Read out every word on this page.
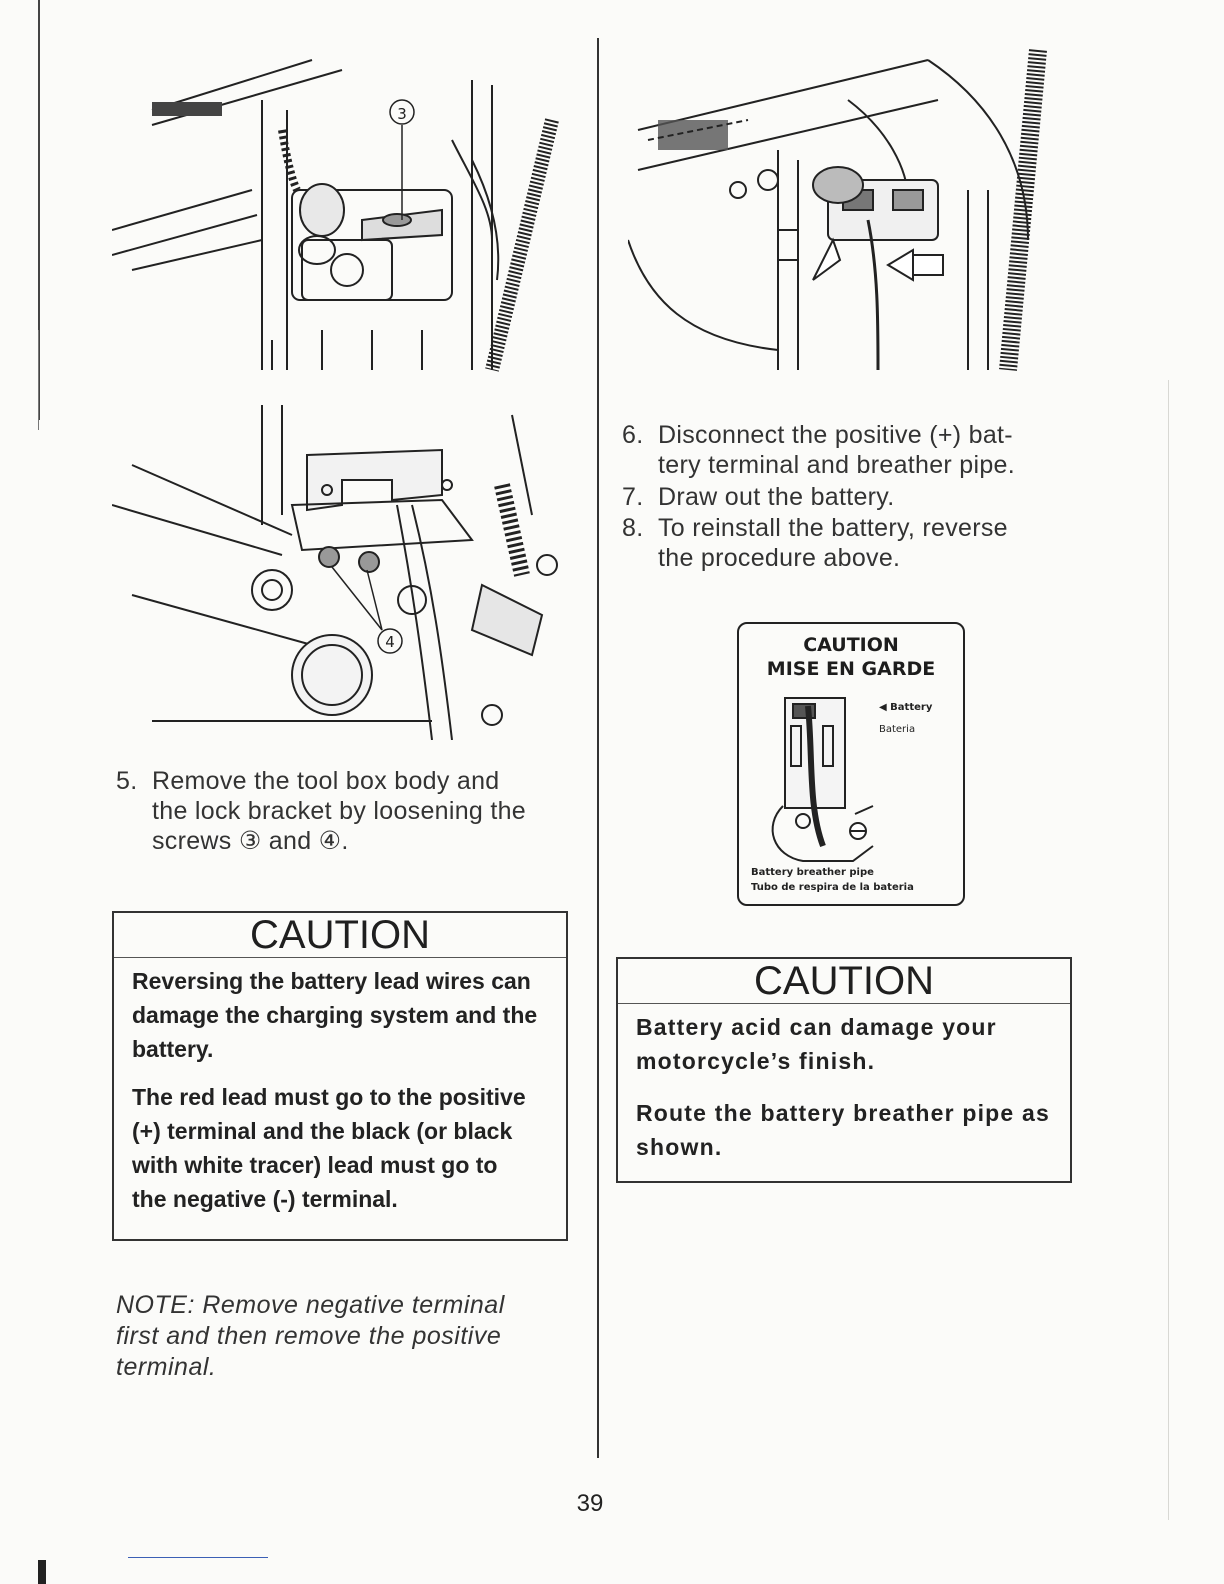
3
4
5. Remove the tool box body and
the lock bracket by loosening the
screws ③ and ④.
CAUTION

Reversing the battery lead wires can
damage the charging system and the
battery.

The red lead must go to the positive
(+) terminal and the black (or black
with white tracer) lead must go to
the negative (-) terminal.

NOTE: Remove negative terminal
first and then remove the positive
terminal.
6. Disconnect the positive (+) bat-
tery terminal and breather pipe.
7. Draw out the battery.
8. To reinstall the battery, reverse
the procedure above.
CAUTION
MISE EN GARDE
◀ Battery
Bateria
Battery breather pipe
Tubo de respira de la bateria
CAUTION

Battery acid can damage your
motorcycle’s finish.

Route the battery breather pipe as
shown.

39
